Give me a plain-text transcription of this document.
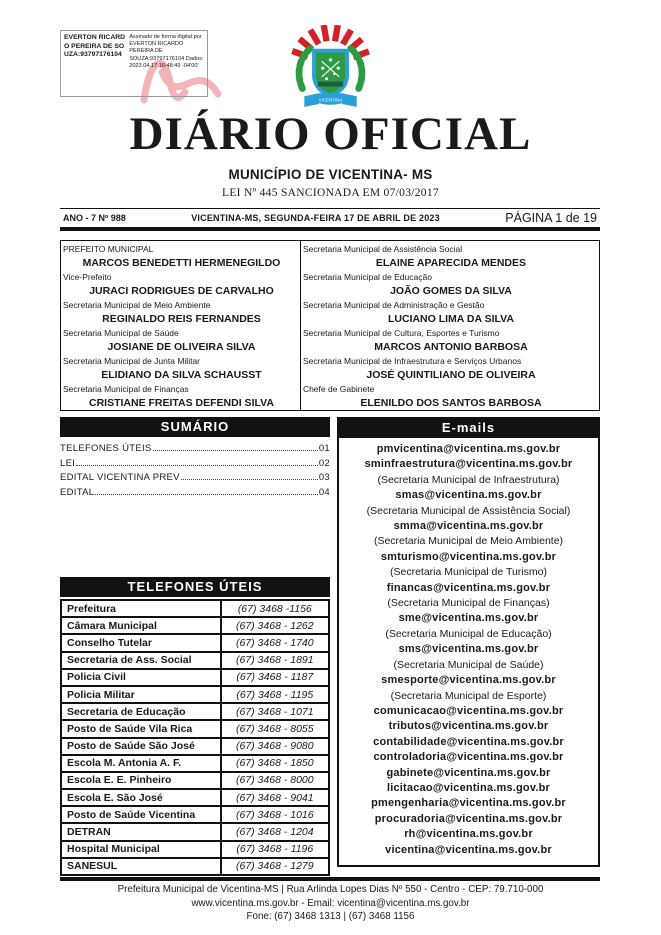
EVERTON RICARDO PEREIRA DE SOUZA:93797176104
Assinado de forma digital por EVERTON RICARDO PEREIRA DE SOUZA:93797176104 Dados: 2023.04.17 16:48:49 -04'00'
VICENTINA
DIÁRIO OFICIAL
MUNICÍPIO DE VICENTINA- MS
LEI Nº 445 SANCIONADA EM 07/03/2017
ANO - 7 Nº 988	VICENTINA-MS, SEGUNDA-FEIRA 17 DE ABRIL DE 2023	PÁGINA 1 de 19
PREFEITO MUNICIPAL
MARCOS BENEDETTI HERMENEGILDO
Vice-Prefeito
JURACI RODRIGUES DE CARVALHO
Secretaria Municipal de Meio Ambiente
REGINALDO REIS FERNANDES
Secretaria Municipal de Saúde
JOSIANE DE OLIVEIRA SILVA
Secretaria Municipal de Junta Militar
ELIDIANO DA SILVA SCHAUSST
Secretaria Municipal de Finanças
CRISTIANE FREITAS DEFENDI SILVA
Secretaria Municipal de Assistência Social
ELAINE APARECIDA MENDES
Secretaria Municipal de Educação
JOÃO GOMES DA SILVA
Secretaria Municipal de Administração e Gestão
LUCIANO LIMA DA SILVA
Secretaria Municipal de Cultura, Esportes e Turismo
MARCOS ANTONIO BARBOSA
Secretaria Municipal de Infraestrutura e Serviços Urbanos
JOSÉ QUINTILIANO DE OLIVEIRA
Chefe de Gabinete
ELENILDO DOS SANTOS BARBOSA
SUMÁRIO
TELEFONES ÚTEIS	01
LEI	02
EDITAL VICENTINA PREV	03
EDITAL	04
TELEFONES ÚTEIS
Prefeitura	(67) 3468 -1156
Câmara Municipal	(67) 3468 - 1262
Conselho Tutelar	(67) 3468 - 1740
Secretaria de Ass. Social	(67) 3468 - 1891
Policia Civil	(67) 3468 - 1187
Policia Militar	(67) 3468 - 1195
Secretaria de Educação	(67) 3468 - 1071
Posto de Saúde Vila Rica	(67) 3468 - 8055
Posto de Saúde São José	(67) 3468 - 9080
Escola M. Antonia A. F.	(67) 3468 - 1850
Escola E. E. Pinheiro	(67) 3468 - 8000
Escola E. São José	(67) 3468 - 9041
Posto de Saúde Vicentina	(67) 3468 - 1016
DETRAN	(67) 3468 - 1204
Hospital Municipal	(67) 3468 - 1196
SANESUL	(67) 3468 - 1279
E-mails
pmvicentina@vicentina.ms.gov.br
sminfraestrutura@vicentina.ms.gov.br
(Secretaria Municipal de Infraestrutura)
smas@vicentina.ms.gov.br
(Secretaria Municipal de Assistência Social)
smma@vicentina.ms.gov.br
(Secretaria Municipal de Meio Ambiente)
smturismo@vicentina.ms.gov.br
(Secretaria Municipal de Turismo)
financas@vicentina.ms.gov.br
(Secretaria Municipal de Finanças)
sme@vicentina.ms.gov.br
(Secretaria Municipal de Educação)
sms@vicentina.ms.gov.br
(Secretaria Municipal de Saúde)
smesporte@vicentina.ms.gov.br
(Secretaria Municipal de Esporte)
comunicacao@vicentina.ms.gov.br
tributos@vicentina.ms.gov.br
contabilidade@vicentina.ms.gov.br
controladoria@vicentina.ms.gov.br
gabinete@vicentina.ms.gov.br
licitacao@vicentina.ms.gov.br
pmengenharia@vicentina.ms.gov.br
procuradoria@vicentina.ms.gov.br
rh@vicentina.ms.gov.br
vicentina@vicentina.ms.gov.br
Prefeitura Municipal de Vicentina-MS | Rua Arlinda Lopes Dias Nº 550 - Centro - CEP: 79.710-000
www.vicentina.ms.gov.br - Email: vicentina@vicentina.ms.gov.br
Fone: (67) 3468 1313 | (67) 3468 1156
